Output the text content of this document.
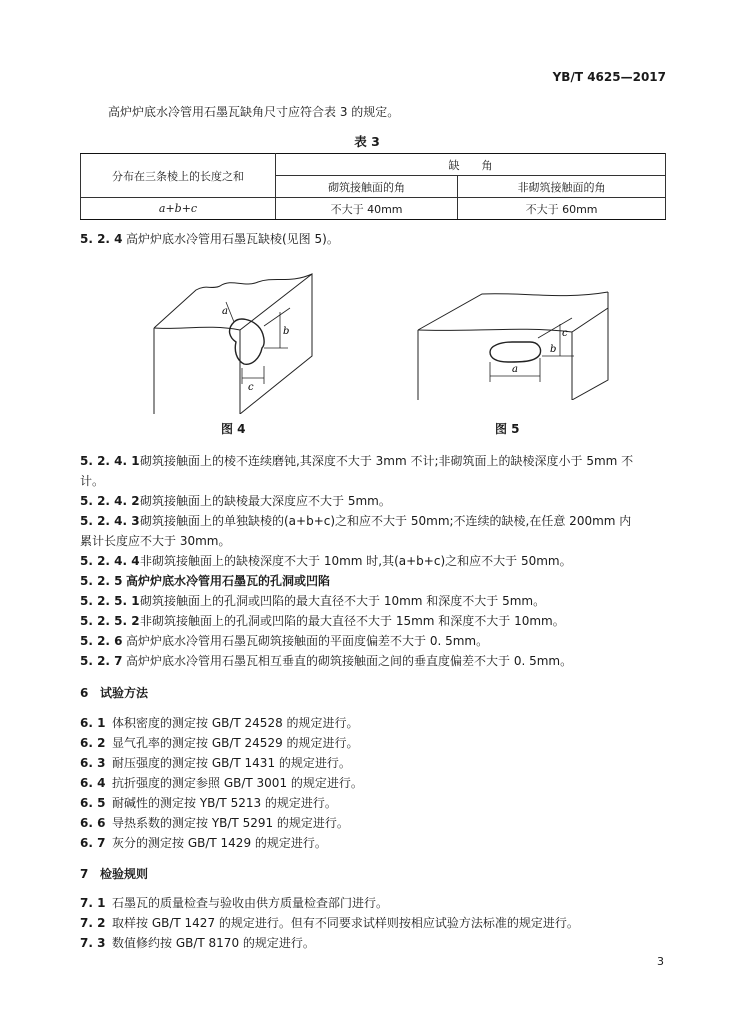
YB/T 4625—2017
高炉炉底水冷管用石墨瓦缺角尺寸应符合表 3 的规定。
表 3
分布在三条棱上的长度之和	缺　　角	
	砌筑接触面的角	非砌筑接触面的角
a+b+c	不大于 40mm	不大于 60mm
5. 2. 4 高炉炉底水冷管用石墨瓦缺棱(见图 5)。
a
b
c
图 4
c
b
a
图 5
5. 2. 4. 1砌筑接触面上的棱不连续磨钝,其深度不大于 3mm 不计;非砌筑面上的缺棱深度小于 5mm 不
计。
5. 2. 4. 2砌筑接触面上的缺棱最大深度应不大于 5mm。
5. 2. 4. 3砌筑接触面上的单独缺棱的(a+b+c)之和应不大于 50mm;不连续的缺棱,在任意 200mm 内
累计长度应不大于 30mm。
5. 2. 4. 4非砌筑接触面上的缺棱深度不大于 10mm 时,其(a+b+c)之和应不大于 50mm。
5. 2. 5 高炉炉底水冷管用石墨瓦的孔洞或凹陷
5. 2. 5. 1砌筑接触面上的孔洞或凹陷的最大直径不大于 10mm 和深度不大于 5mm。
5. 2. 5. 2非砌筑接触面上的孔洞或凹陷的最大直径不大于 15mm 和深度不大于 10mm。
5. 2. 6 高炉炉底水冷管用石墨瓦砌筑接触面的平面度偏差不大于 0. 5mm。
5. 2. 7 高炉炉底水冷管用石墨瓦相互垂直的砌筑接触面之间的垂直度偏差不大于 0. 5mm。
6 试验方法
6. 1 体积密度的测定按 GB/T 24528 的规定进行。
6. 2 显气孔率的测定按 GB/T 24529 的规定进行。
6. 3 耐压强度的测定按 GB/T 1431 的规定进行。
6. 4 抗折强度的测定参照 GB/T 3001 的规定进行。
6. 5 耐碱性的测定按 YB/T 5213 的规定进行。
6. 6 导热系数的测定按 YB/T 5291 的规定进行。
6. 7 灰分的测定按 GB/T 1429 的规定进行。
7 检验规则
7. 1 石墨瓦的质量检查与验收由供方质量检查部门进行。
7. 2 取样按 GB/T 1427 的规定进行。但有不同要求试样则按相应试验方法标准的规定进行。
7. 3 数值修约按 GB/T 8170 的规定进行。
3
